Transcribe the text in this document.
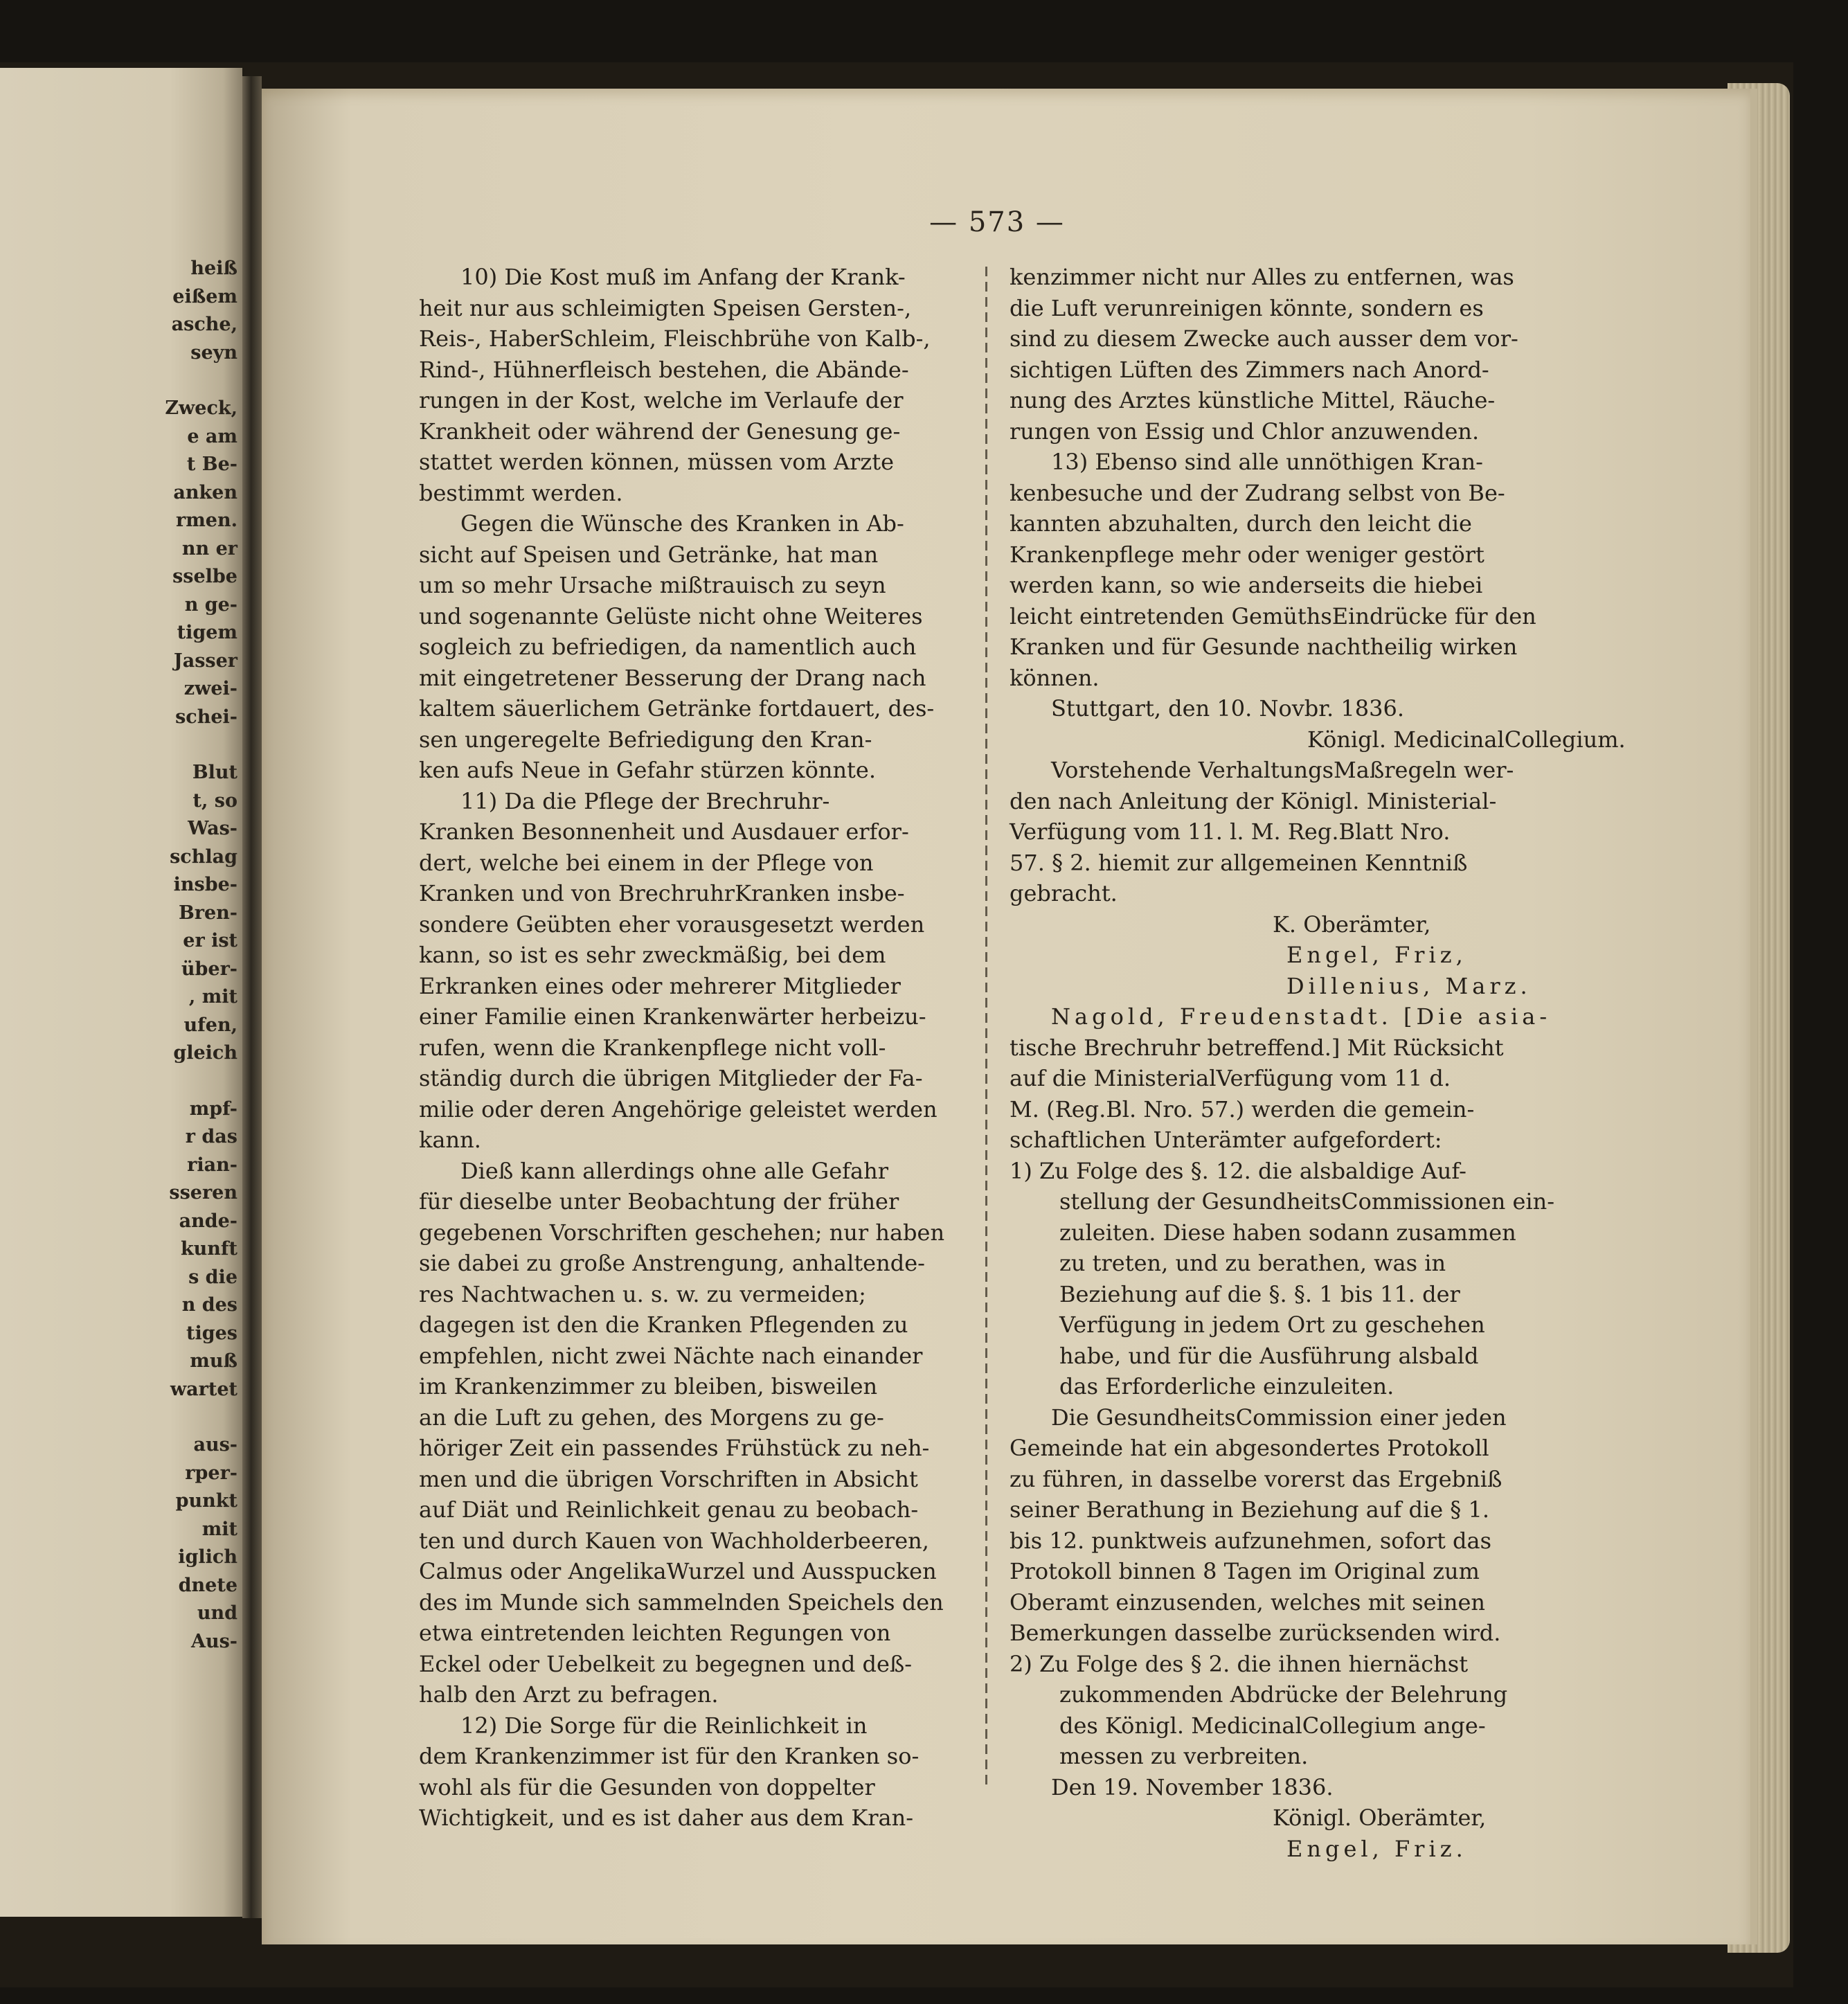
heiß
eißem
asche,
seyn
Zweck,
e am
t Be-
anken
rmen.
nn er
sselbe
n ge-
tigem
Jasser
zwei-
schei-
Blut
t, so
Was-
schlag
insbe-
Bren-
er ist
über-
, mit
ufen,
gleich
mpf-
r das
rian-
sseren
ande-
kunft
s die
n des
tiges
muß
wartet
aus-
rper-
punkt
mit
iglich
dnete
und
Aus-
— 573 —
10) Die Kost muß im Anfang der Krank-
heit nur aus schleimigten Speisen Gersten-,
Reis-, HaberSchleim, Fleischbrühe von Kalb-,
Rind-, Hühnerfleisch bestehen, die Abände-
rungen in der Kost, welche im Verlaufe der
Krankheit oder während der Genesung ge-
stattet werden können, müssen vom Arzte
bestimmt werden.
Gegen die Wünsche des Kranken in Ab-
sicht auf Speisen und Getränke, hat man
um so mehr Ursache mißtrauisch zu seyn
und sogenannte Gelüste nicht ohne Weiteres
sogleich zu befriedigen, da namentlich auch
mit eingetretener Besserung der Drang nach
kaltem säuerlichem Getränke fortdauert, des-
sen ungeregelte Befriedigung den Kran-
ken aufs Neue in Gefahr stürzen könnte.
11) Da die Pflege der Brechruhr-
Kranken Besonnenheit und Ausdauer erfor-
dert, welche bei einem in der Pflege von
Kranken und von BrechruhrKranken insbe-
sondere Geübten eher vorausgesetzt werden
kann, so ist es sehr zweckmäßig, bei dem
Erkranken eines oder mehrerer Mitglieder
einer Familie einen Krankenwärter herbeizu-
rufen, wenn die Krankenpflege nicht voll-
ständig durch die übrigen Mitglieder der Fa-
milie oder deren Angehörige geleistet werden
kann.
Dieß kann allerdings ohne alle Gefahr
für dieselbe unter Beobachtung der früher
gegebenen Vorschriften geschehen; nur haben
sie dabei zu große Anstrengung, anhaltende-
res Nachtwachen u. s. w. zu vermeiden;
dagegen ist den die Kranken Pflegenden zu
empfehlen, nicht zwei Nächte nach einander
im Krankenzimmer zu bleiben, bisweilen
an die Luft zu gehen, des Morgens zu ge-
höriger Zeit ein passendes Frühstück zu neh-
men und die übrigen Vorschriften in Absicht
auf Diät und Reinlichkeit genau zu beobach-
ten und durch Kauen von Wachholderbeeren,
Calmus oder AngelikaWurzel und Ausspucken
des im Munde sich sammelnden Speichels den
etwa eintretenden leichten Regungen von
Eckel oder Uebelkeit zu begegnen und deß-
halb den Arzt zu befragen.
12) Die Sorge für die Reinlichkeit in
dem Krankenzimmer ist für den Kranken so-
wohl als für die Gesunden von doppelter
Wichtigkeit, und es ist daher aus dem Kran-
kenzimmer nicht nur Alles zu entfernen, was
die Luft verunreinigen könnte, sondern es
sind zu diesem Zwecke auch ausser dem vor-
sichtigen Lüften des Zimmers nach Anord-
nung des Arztes künstliche Mittel, Räuche-
rungen von Essig und Chlor anzuwenden.
13) Ebenso sind alle unnöthigen Kran-
kenbesuche und der Zudrang selbst von Be-
kannten abzuhalten, durch den leicht die
Krankenpflege mehr oder weniger gestört
werden kann, so wie anderseits die hiebei
leicht eintretenden GemüthsEindrücke für den
Kranken und für Gesunde nachtheilig wirken
können.
Stuttgart, den 10. Novbr. 1836.
Königl. MedicinalCollegium.
Vorstehende VerhaltungsMaßregeln wer-
den nach Anleitung der Königl. Ministerial-
Verfügung vom 11. l. M. Reg.Blatt Nro.
57. § 2. hiemit zur allgemeinen Kenntniß
gebracht.
K. Oberämter,
Engel, Friz,
Dillenius, Marz.
Nagold, Freudenstadt. [Die asia-
tische Brechruhr betreffend.] Mit Rücksicht
auf die MinisterialVerfügung vom 11 d.
M. (Reg.Bl. Nro. 57.) werden die gemein-
schaftlichen Unterämter aufgefordert:
1) Zu Folge des §. 12. die alsbaldige Auf-
stellung der GesundheitsCommissionen ein-
zuleiten. Diese haben sodann zusammen
zu treten, und zu berathen, was in
Beziehung auf die §. §. 1 bis 11. der
Verfügung in jedem Ort zu geschehen
habe, und für die Ausführung alsbald
das Erforderliche einzuleiten.
Die GesundheitsCommission einer jeden
Gemeinde hat ein abgesondertes Protokoll
zu führen, in dasselbe vorerst das Ergebniß
seiner Berathung in Beziehung auf die § 1.
bis 12. punktweis aufzunehmen, sofort das
Protokoll binnen 8 Tagen im Original zum
Oberamt einzusenden, welches mit seinen
Bemerkungen dasselbe zurücksenden wird.
2) Zu Folge des § 2. die ihnen hiernächst
zukommenden Abdrücke der Belehrung
des Königl. MedicinalCollegium ange-
messen zu verbreiten.
Den 19. November 1836.
Königl. Oberämter,
Engel, Friz.
